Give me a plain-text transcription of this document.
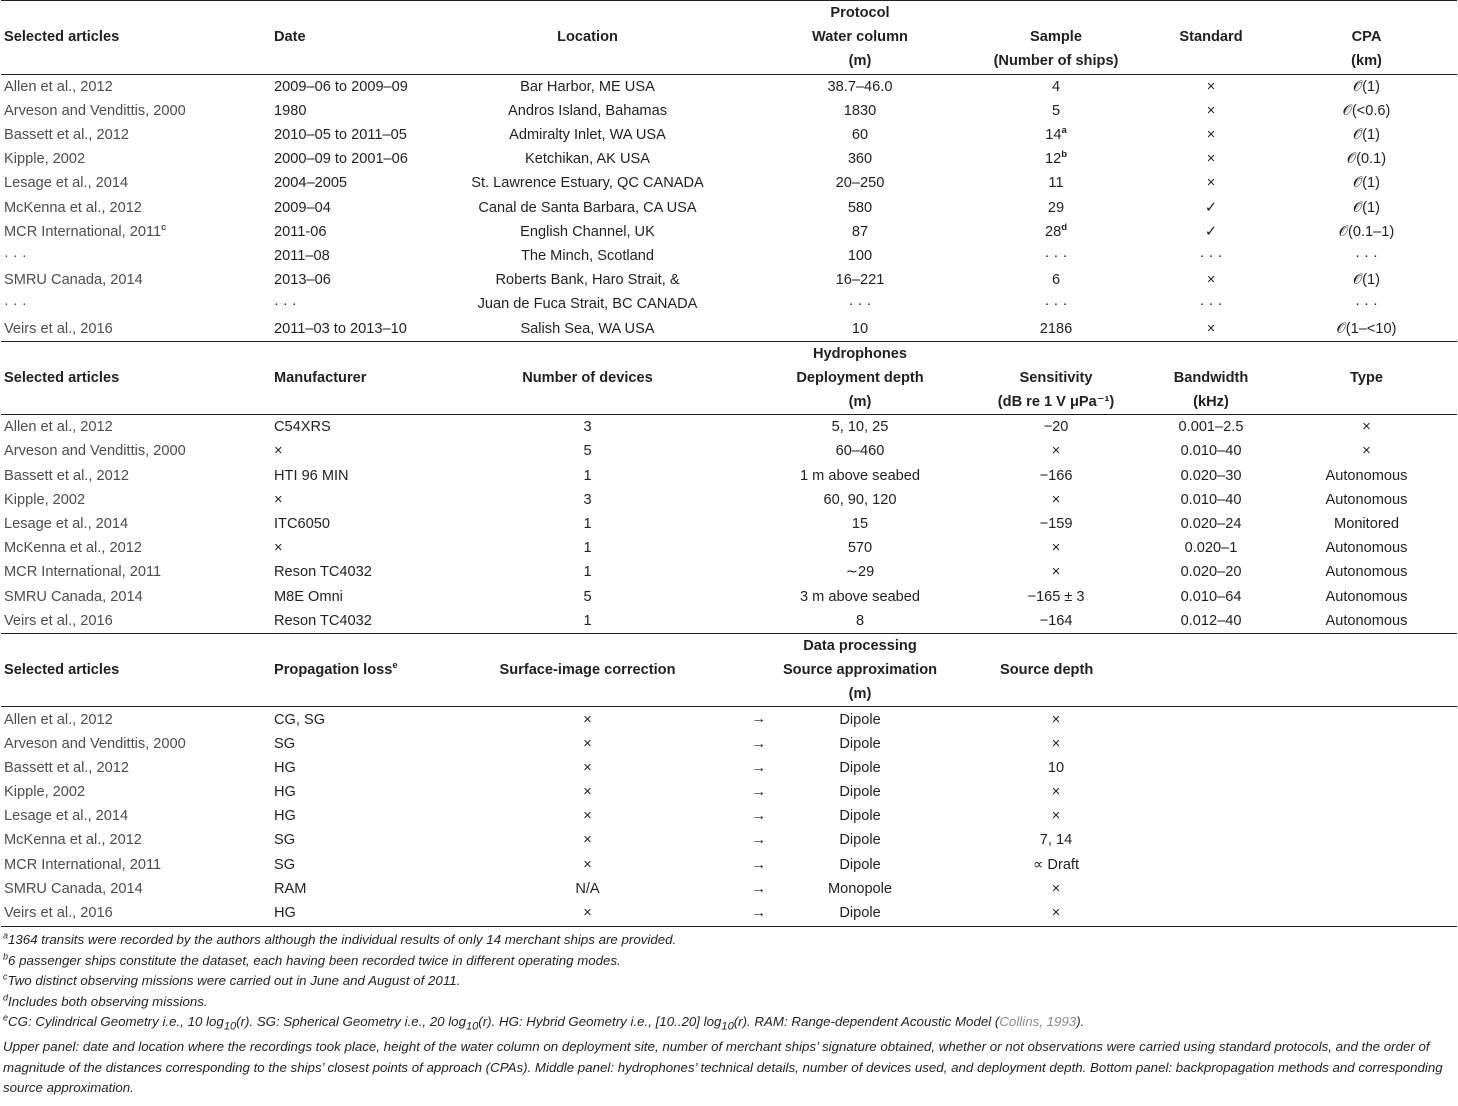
			Protocol			
Selected articles	Date	Location	Water column	Sample	Standard	CPA
			(m)	(Number of ships)		(km)
Allen et al., 2012	2009–06 to 2009–09	Bar Harbor, ME USA	38.7–46.0	4	×	𝒪(1)
Arveson and Vendittis, 2000	1980	Andros Island, Bahamas	1830	5	×	𝒪(<0.6)
Bassett et al., 2012	2010–05 to 2011–05	Admiralty Inlet, WA USA	60	$14^a$	×	𝒪(1)
Kipple, 2002	2000–09 to 2001–06	Ketchikan, AK USA	360	$12^b$	×	𝒪(0.1)
Lesage et al., 2014	2004–2005	St. Lawrence Estuary, QC CANADA	20–250	11	×	𝒪(1)
McKenna et al., 2012	2009–04	Canal de Santa Barbara, CA USA	580	29	✓	𝒪(1)
MCR International, 2011$^c$	2011-06	English Channel, UK	87	28$^d$	✓	𝒪(0.1–1)
· · ·	2011–08	The Minch, Scotland	100	· · ·	· · ·	· · ·
SMRU Canada, 2014	2013–06	Roberts Bank, Haro Strait, &	16–221	6	×	𝒪(1)
· · ·	· · ·	Juan de Fuca Strait, BC CANADA	· · ·	· · ·	· · ·	· · ·
Veirs et al., 2016	2011–03 to 2013–10	Salish Sea, WA USA	10	2186	×	𝒪(1–<10)
			Hydrophones			
Selected articles	Manufacturer	Number of devices	Deployment depth	Sensitivity	Bandwidth	Type
			(m)	(dB re 1 V μPa⁻¹)	(kHz)	
Allen et al., 2012	C54XRS	3	5, 10, 25	−20	0.001–2.5	×
Arveson and Vendittis, 2000	×	5	60–460	×	0.010–40	×
Bassett et al., 2012	HTI 96 MIN	1	1 m above seabed	−166	0.020–30	Autonomous
Kipple, 2002	×	3	60, 90, 120	×	0.010–40	Autonomous
Lesage et al., 2014	ITC6050	1	15	−159	0.020–24	Monitored
McKenna et al., 2012	×	1	570	×	0.020–1	Autonomous
MCR International, 2011	Reson TC4032	1	∼29	×	0.020–20	Autonomous
SMRU Canada, 2014	M8E Omni	5	3 m above seabed	−165 ± 3	0.010–64	Autonomous
Veirs et al., 2016	Reson TC4032	1	8	−164	0.012–40	Autonomous
			Data processing			
Selected articles	Propagation loss$^e$	Surface-image correction	Source approximation	Source depth		
			(m)			
Allen et al., 2012	CG, SG	× →	Dipole	×		
Arveson and Vendittis, 2000	SG	× →	Dipole	×		
Bassett et al., 2012	HG	× →	Dipole	10		
Kipple, 2002	HG	× →	Dipole	×		
Lesage et al., 2014	HG	× →	Dipole	×		
McKenna et al., 2012	SG	× →	Dipole	7, 14		
MCR International, 2011	SG	× →	Dipole	∝ Draft		
SMRU Canada, 2014	RAM	N/A →	Monopole	×		
Veirs et al., 2016	HG	× →	Dipole	×		
$^a$1364 transits were recorded by the authors although the individual results of only 14 merchant ships are provided.
$^b$6 passenger ships constitute the dataset, each having been recorded twice in different operating modes.
$^c$Two distinct observing missions were carried out in June and August of 2011.
$^d$Includes both observing missions.
$^e$CG: Cylindrical Geometry i.e., 10 $\log_{10}(r)$. SG: Spherical Geometry i.e., 20 $\log_{10}(r)$. HG: Hybrid Geometry i.e., [10..20] $\log_{10}(r)$. RAM: Range-dependent Acoustic Model (Collins, 1993).
Upper panel: date and location where the recordings took place, height of the water column on deployment site, number of merchant ships’ signature obtained, whether or not observations were carried using standard protocols, and the order of magnitude of the distances corresponding to the ships’ closest points of approach (CPAs). Middle panel: hydrophones’ technical details, number of devices used, and deployment depth. Bottom panel: backpropagation methods and corresponding source approximation.
